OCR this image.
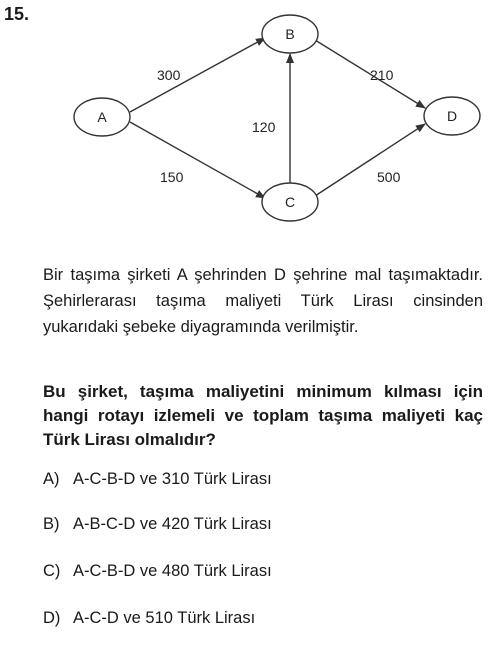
15.
300
150
120
210
500
A
B
C
D
Bir taşıma şirketi A şehrinden D şehrine mal taşımaktadır. Şehirlerarası taşıma maliyeti Türk Lirası cinsinden yukarıdaki şebeke diyagramında verilmiştir.
Bu şirket, taşıma maliyetini minimum kılması için hangi rotayı izlemeli ve toplam taşıma maliyeti kaç Türk Lirası olmalıdır?
A) A-C-B-D ve 310 Türk Lirası
B) A-B-C-D ve 420 Türk Lirası
C) A-C-B-D ve 480 Türk Lirası
D) A-C-D ve 510 Türk Lirası
